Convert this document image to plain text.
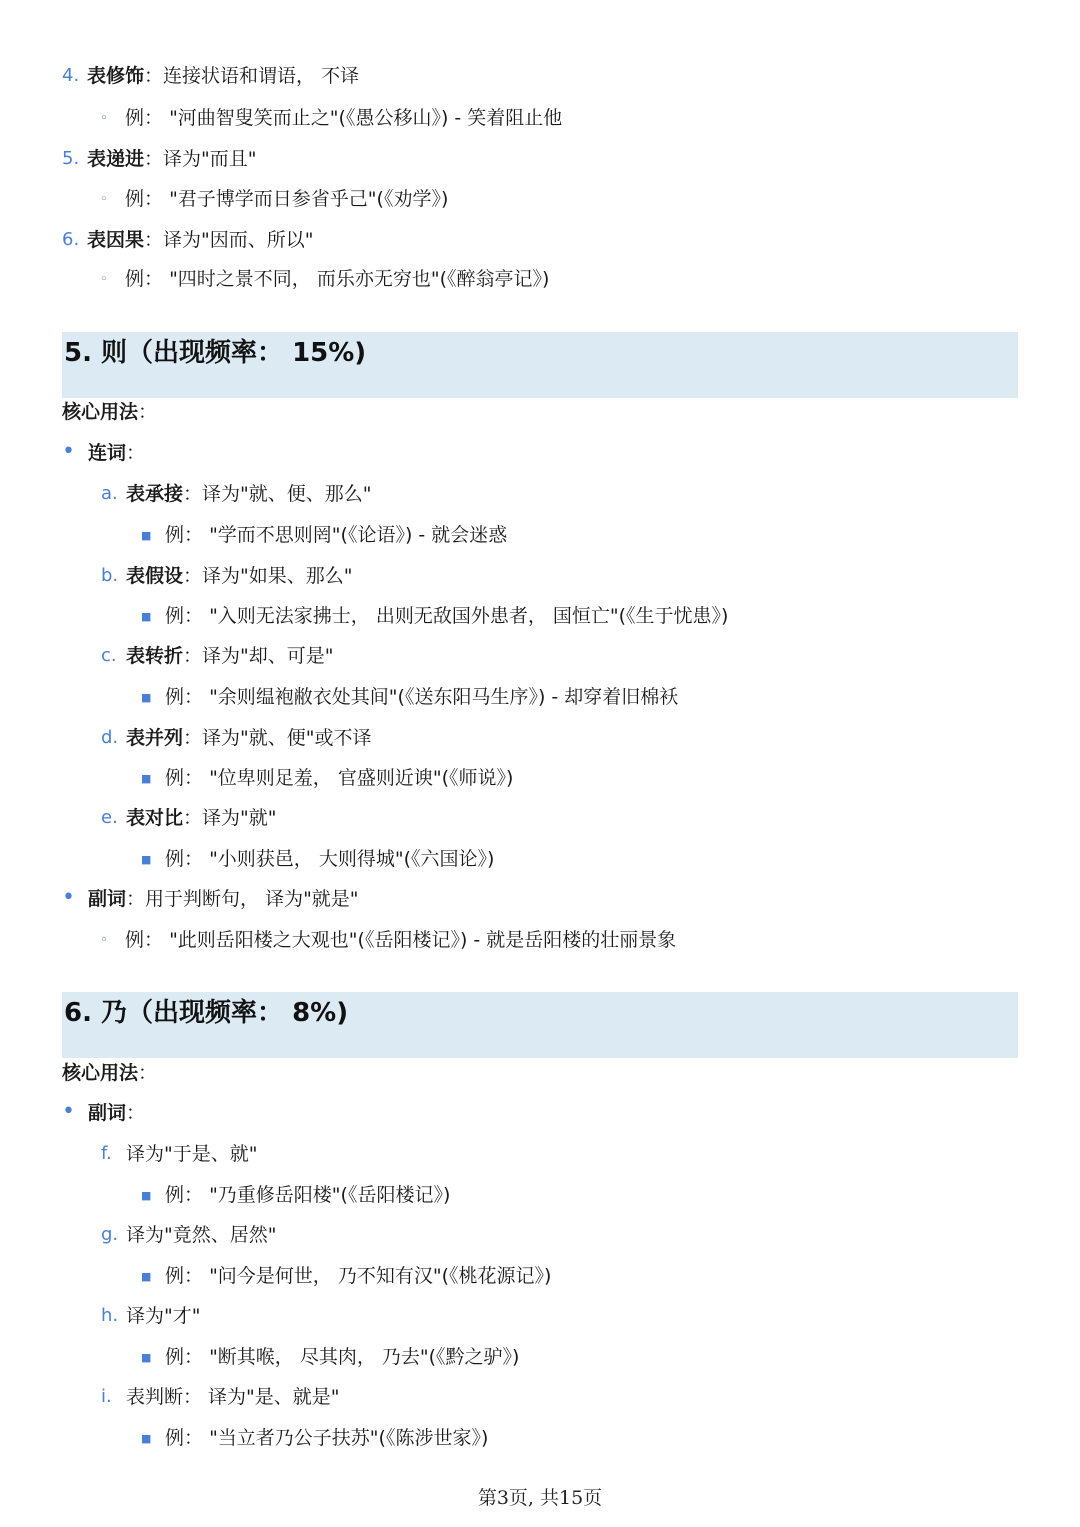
4. 表修饰：连接状语和谓语， 不译
◦ 例： "河曲智叟笑而止之"(《愚公移山》) - 笑着阻止他
5. 表递进：译为"而且"
◦ 例： "君子博学而日参省乎己"(《劝学》)
6. 表因果：译为"因而、所以"
◦ 例： "四时之景不同， 而乐亦无穷也"(《醉翁亭记》)
5. 则（出现频率： 15%)
核心用法：
• 连词：
a. 表承接：译为"就、便、那么"
■ 例： "学而不思则罔"(《论语》) - 就会迷惑
b. 表假设：译为"如果、那么"
■ 例： "入则无法家拂士， 出则无敌国外患者， 国恒亡"(《生于忧患》)
c. 表转折：译为"却、可是"
■ 例： "余则缊袍敝衣处其间"(《送东阳马生序》) - 却穿着旧棉袄
d. 表并列：译为"就、便"或不译
■ 例： "位卑则足羞， 官盛则近谀"(《师说》)
e. 表对比：译为"就"
■ 例： "小则获邑， 大则得城"(《六国论》)
• 副词：用于判断句， 译为"就是"
◦ 例： "此则岳阳楼之大观也"(《岳阳楼记》) - 就是岳阳楼的壮丽景象
6. 乃（出现频率： 8%)
核心用法：
• 副词：
f. 译为"于是、就"
■ 例： "乃重修岳阳楼"(《岳阳楼记》)
g. 译为"竟然、居然"
■ 例： "问今是何世， 乃不知有汉"(《桃花源记》)
h. 译为"才"
■ 例： "断其喉， 尽其肉， 乃去"(《黔之驴》)
i. 表判断： 译为"是、就是"
■ 例： "当立者乃公子扶苏"(《陈涉世家》)
第3页, 共15页
